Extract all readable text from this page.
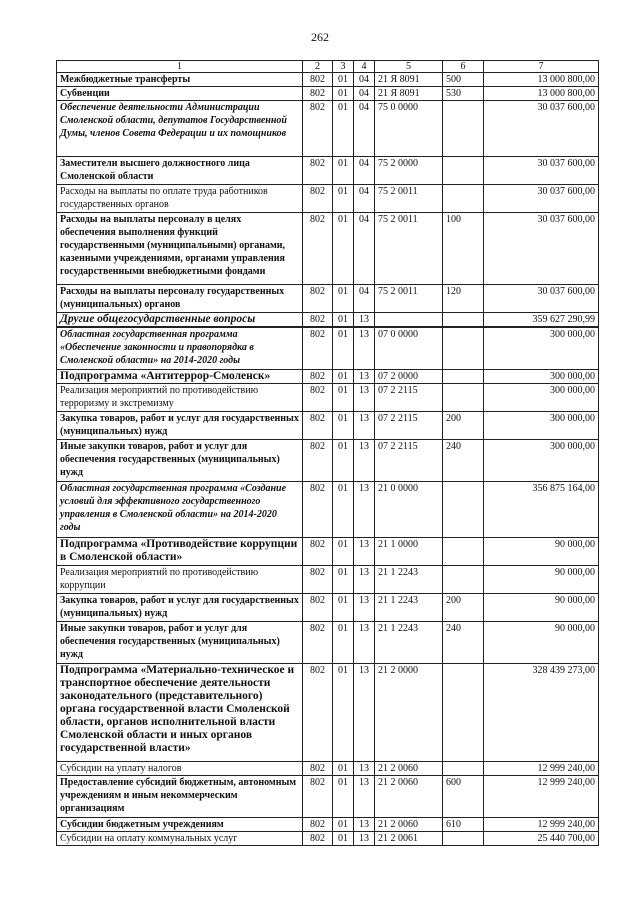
262
1	2	3	4	5	6	7
Межбюджетные трансферты	802	01	04	21 Я 8091	500	13 000 800,00
Субвенции	802	01	04	21 Я 8091	530	13 000 800,00
Обеспечение деятельности Администрации Смоленской области, депутатов Государственной Думы, членов Совета Федерации и их помощников	802	01	04	75 0 0000		30 037 600,00
Заместители высшего должностного лица Смоленской области	802	01	04	75 2 0000		30 037 600,00
Расходы на выплаты по оплате труда работников государственных органов	802	01	04	75 2 0011		30 037 600,00
Расходы на выплаты персоналу в целях обеспечения выполнения функций государственными (муниципальными) органами, казенными учреждениями, органами управления государственными внебюджетными фондами	802	01	04	75 2 0011	100	30 037 600,00
Расходы на выплаты персоналу государственных (муниципальных) органов	802	01	04	75 2 0011	120	30 037 600,00
Другие общегосударственные вопросы	802	01	13			359 627 290,99
Областная государственная программа «Обеспечение законности и правопорядка в Смоленской области» на 2014-2020 годы	802	01	13	07 0 0000		300 000,00
Подпрограмма «Антитеррор-Смоленск»	802	01	13	07 2 0000		300 000,00
Реализация мероприятий по противодействию терроризму и экстремизму	802	01	13	07 2 2115		300 000,00
Закупка товаров, работ и услуг для государственных (муниципальных) нужд	802	01	13	07 2 2115	200	300 000,00
Иные закупки товаров, работ и услуг для обеспечения государственных (муниципальных) нужд	802	01	13	07 2 2115	240	300 000,00
Областная государственная программа «Создание условий для эффективного государственного управления в Смоленской области» на 2014-2020 годы	802	01	13	21 0 0000		356 875 164,00
Подпрограмма «Противодействие коррупции в Смоленской области»	802	01	13	21 1 0000		90 000,00
Реализация мероприятий по противодействию коррупции	802	01	13	21 1 2243		90 000,00
Закупка товаров, работ и услуг для государственных (муниципальных) нужд	802	01	13	21 1 2243	200	90 000,00
Иные закупки товаров, работ и услуг для обеспечения государственных (муниципальных) нужд	802	01	13	21 1 2243	240	90 000,00
Подпрограмма «Материально-техническое и транспортное обеспечение деятельности законодательного (представительного) органа государственной власти Смоленской области, органов исполнительной власти Смоленской области и иных органов государственной власти»	802	01	13	21 2 0000		328 439 273,00
Субсидии на уплату налогов	802	01	13	21 2 0060		12 999 240,00
Предоставление субсидий бюджетным, автономным учреждениям и иным некоммерческим организациям	802	01	13	21 2 0060	600	12 999 240,00
Субсидии бюджетным учреждениям	802	01	13	21 2 0060	610	12 999 240,00
Субсидии на оплату коммунальных услуг	802	01	13	21 2 0061		25 440 700,00
